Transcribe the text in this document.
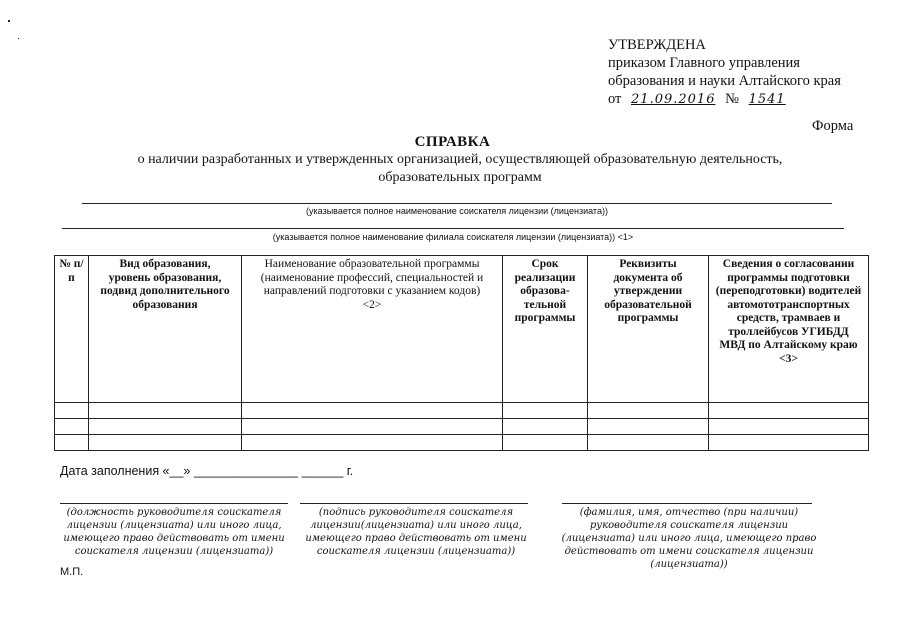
УТВЕРЖДЕНА
приказом Главного управления
образования и науки Алтайского края
от 21.09.2016 № 1541
Форма
СПРАВКА
о наличии разработанных и утвержденных организацией, осуществляющей образовательную деятельность,
образовательных программ
(указывается полное наименование соискателя лицензии (лицензиата))
(указывается полное наименование филиала соискателя лицензии (лицензиата)) <1>
№ п/п	Вид образования, уровень образования, подвид дополнительного образования	Наименование образовательной программы (наименование профессий, специальностей и направлений подготовки с указанием кодов) <2>	Срок реализации образова-тельной программы	Реквизиты документа об утверждении образовательной программы	Сведения о согласовании программы подготовки (переподготовки) водителей автомототранспортных средств, трамваев и троллейбусов УГИБДД МВД по Алтайскому краю <3>

Дата заполнения «__» _______________ ______ г.
(должность руководителя соискателя лицензии (лицензиата) или иного лица, имеющего право действовать от имени соискателя лицензии (лицензиата))
(подпись руководителя соискателя лицензии(лицензиата) или иного лица, имеющего право действовать от имени соискателя лицензии (лицензиата))
(фамилия, имя, отчество (при наличии) руководителя соискателя лицензии (лицензиата) или иного лица, имеющего право действовать от имени соискателя лицензии (лицензиата))
М.П.
